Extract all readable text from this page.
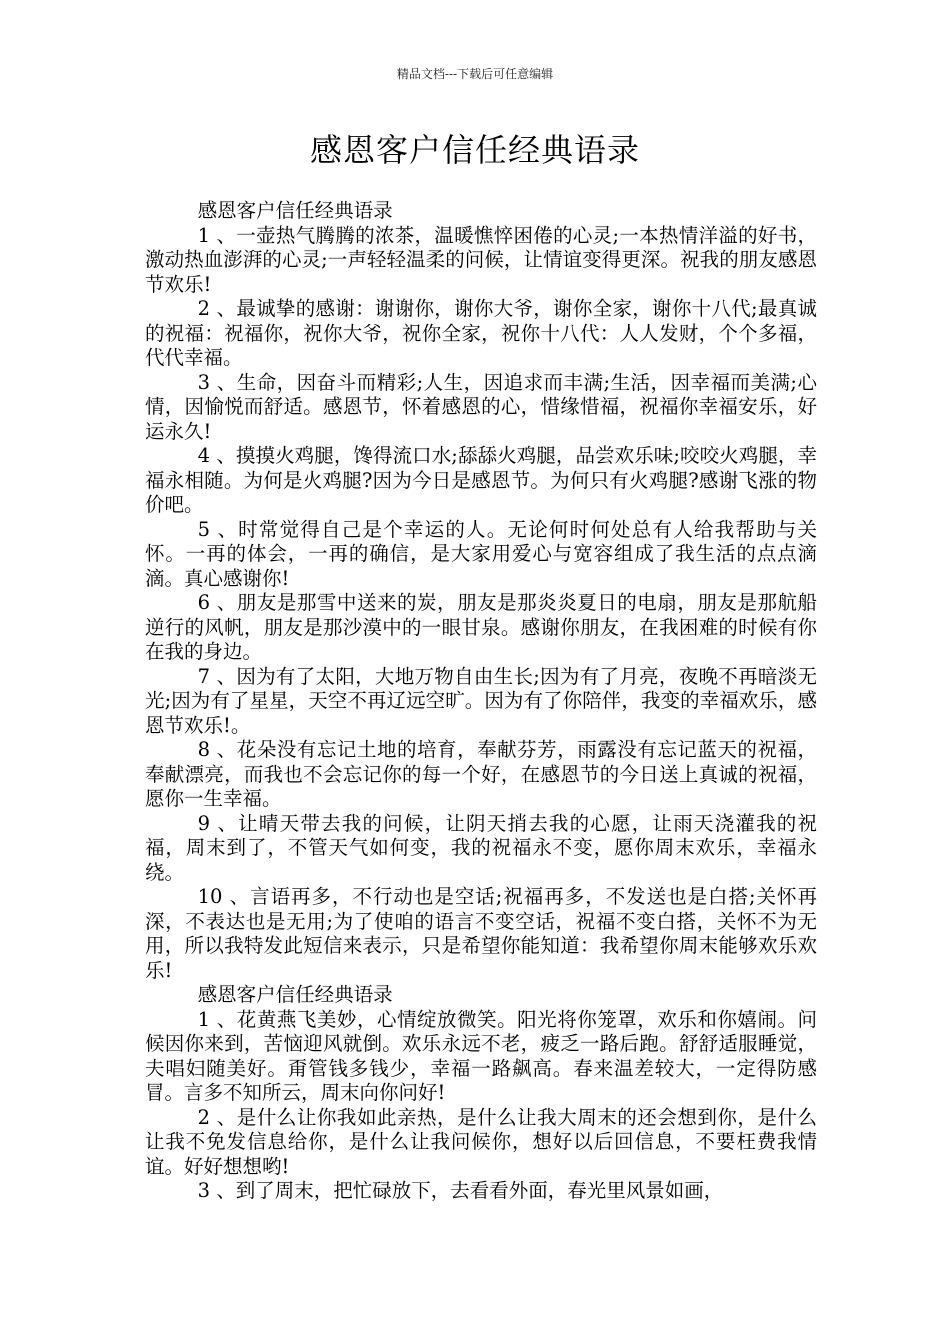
精品文档---下载后可任意编辑
感恩客户信任经典语录

感恩客户信任经典语录

1 、一壶热气腾腾的浓茶，温暖憔悴困倦的心灵;一本热情洋溢的好书，激动热血澎湃的心灵;一声轻轻温柔的问候，让情谊变得更深。祝我的朋友感恩节欢乐!

2 、最诚挚的感谢：谢谢你，谢你大爷，谢你全家，谢你十八代;最真诚的祝福：祝福你，祝你大爷，祝你全家，祝你十八代：人人发财，个个多福，代代幸福。

3 、生命，因奋斗而精彩;人生，因追求而丰满;生活，因幸福而美满;心情，因愉悦而舒适。感恩节，怀着感恩的心，惜缘惜福，祝福你幸福安乐，好运永久!

4 、摸摸火鸡腿，馋得流口水;舔舔火鸡腿，品尝欢乐味;咬咬火鸡腿，幸福永相随。为何是火鸡腿?因为今日是感恩节。为何只有火鸡腿?感谢飞涨的物价吧。

5 、时常觉得自己是个幸运的人。无论何时何处总有人给我帮助与关怀。一再的体会，一再的确信，是大家用爱心与宽容组成了我生活的点点滴滴。真心感谢你!

6 、朋友是那雪中送来的炭，朋友是那炎炎夏日的电扇，朋友是那航船逆行的风帆，朋友是那沙漠中的一眼甘泉。感谢你朋友，在我困难的时候有你在我的身边。

7 、因为有了太阳，大地万物自由生长;因为有了月亮，夜晚不再暗淡无光;因为有了星星，天空不再辽远空旷。因为有了你陪伴，我变的幸福欢乐，感恩节欢乐!。

8 、花朵没有忘记土地的培育，奉献芬芳，雨露没有忘记蓝天的祝福，奉献漂亮，而我也不会忘记你的每一个好，在感恩节的今日送上真诚的祝福，愿你一生幸福。

9 、让晴天带去我的问候，让阴天捎去我的心愿，让雨天浇灌我的祝福，周末到了，不管天气如何变，我的祝福永不变，愿你周末欢乐，幸福永绕。

10 、言语再多，不行动也是空话;祝福再多，不发送也是白搭;关怀再深，不表达也是无用;为了使咱的语言不变空话，祝福不变白搭，关怀不为无用，所以我特发此短信来表示，只是希望你能知道：我希望你周末能够欢乐欢乐!

感恩客户信任经典语录

1 、花黄燕飞美妙，心情绽放微笑。阳光将你笼罩，欢乐和你嬉闹。问候因你来到，苦恼迎风就倒。欢乐永远不老，疲乏一路后跑。舒舒适服睡觉，夫唱妇随美好。甭管钱多钱少，幸福一路飙高。春来温差较大，一定得防感冒。言多不知所云，周末向你问好!

2 、是什么让你我如此亲热，是什么让我大周末的还会想到你，是什么让我不免发信息给你，是什么让我问候你，想好以后回信息，不要枉费我情谊。好好想想哟!

3 、到了周末，把忙碌放下，去看看外面，春光里风景如画，
